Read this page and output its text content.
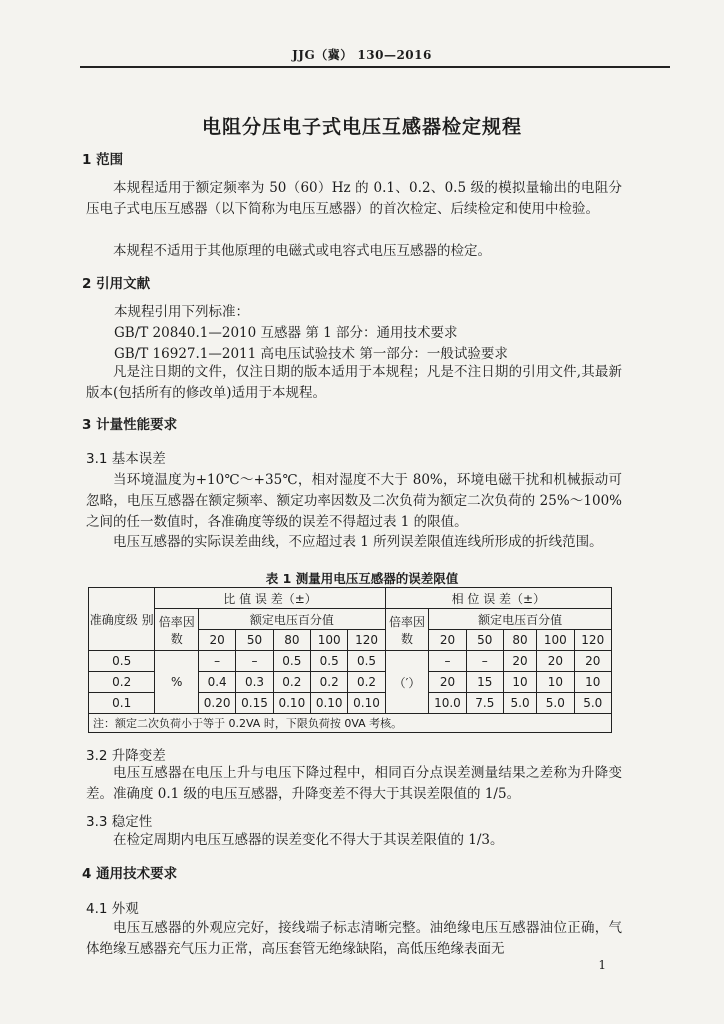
JJG（冀） 130—2016
电阻分压电子式电压互感器检定规程
1 范围

本规程适用于额定频率为 50（60）Hz 的 0.1、0.2、0.5 级的模拟量输出的电阻分压电子式电压互感器（以下简称为电压互感器）的首次检定、后续检定和使用中检验。

本规程不适用于其他原理的电磁式或电容式电压互感器的检定。

2 引用文献
本规程引用下列标准：
GB/T 20840.1—2010 互感器 第 1 部分：通用技术要求
GB/T 16927.1—2011 高电压试验技术 第一部分：一般试验要求

凡是注日期的文件，仅注日期的版本适用于本规程；凡是不注日期的引用文件,其最新版本(包括所有的修改单)适用于本规程。

3 计量性能要求
3.1 基本误差

当环境温度为+10℃～+35℃，相对湿度不大于 80%，环境电磁干扰和机械振动可忽略，电压互感器在额定频率、额定功率因数及二次负荷为额定二次负荷的 25%～100%之间的任一数值时，各准确度等级的误差不得超过表 1 的限值。

电压互感器的实际误差曲线，不应超过表 1 所列误差限值连线所形成的折线范围。

表 1 测量用电压互感器的误差限值
准确度级 别	比 值 误 差（±）						相 位 误 差（±）					
	倍率因数	额定电压百分值					倍率因数	额定电压百分值				
		20	50	80	100	120		20	50	80	100	120
0.5	%	–	–	0.5	0.5	0.5	（′）	–	–	20	20	20
0.2		0.4	0.3	0.2	0.2	0.2		20	15	10	10	10
0.1		0.20	0.15	0.10	0.10	0.10		10.0	7.5	5.0	5.0	5.0
注：额定二次负荷小于等于 0.2VA 时，下限负荷按 0VA 考核。												
3.2 升降变差

电压互感器在电压上升与电压下降过程中，相同百分点误差测量结果之差称为升降变差。准确度 0.1 级的电压互感器，升降变差不得大于其误差限值的 1/5。

3.3 稳定性

在检定周期内电压互感器的误差变化不得大于其误差限值的 1/3。

4 通用技术要求
4.1 外观

电压互感器的外观应完好，接线端子标志清晰完整。油绝缘电压互感器油位正确，气体绝缘互感器充气压力正常，高压套管无绝缘缺陷，高低压绝缘表面无

1
